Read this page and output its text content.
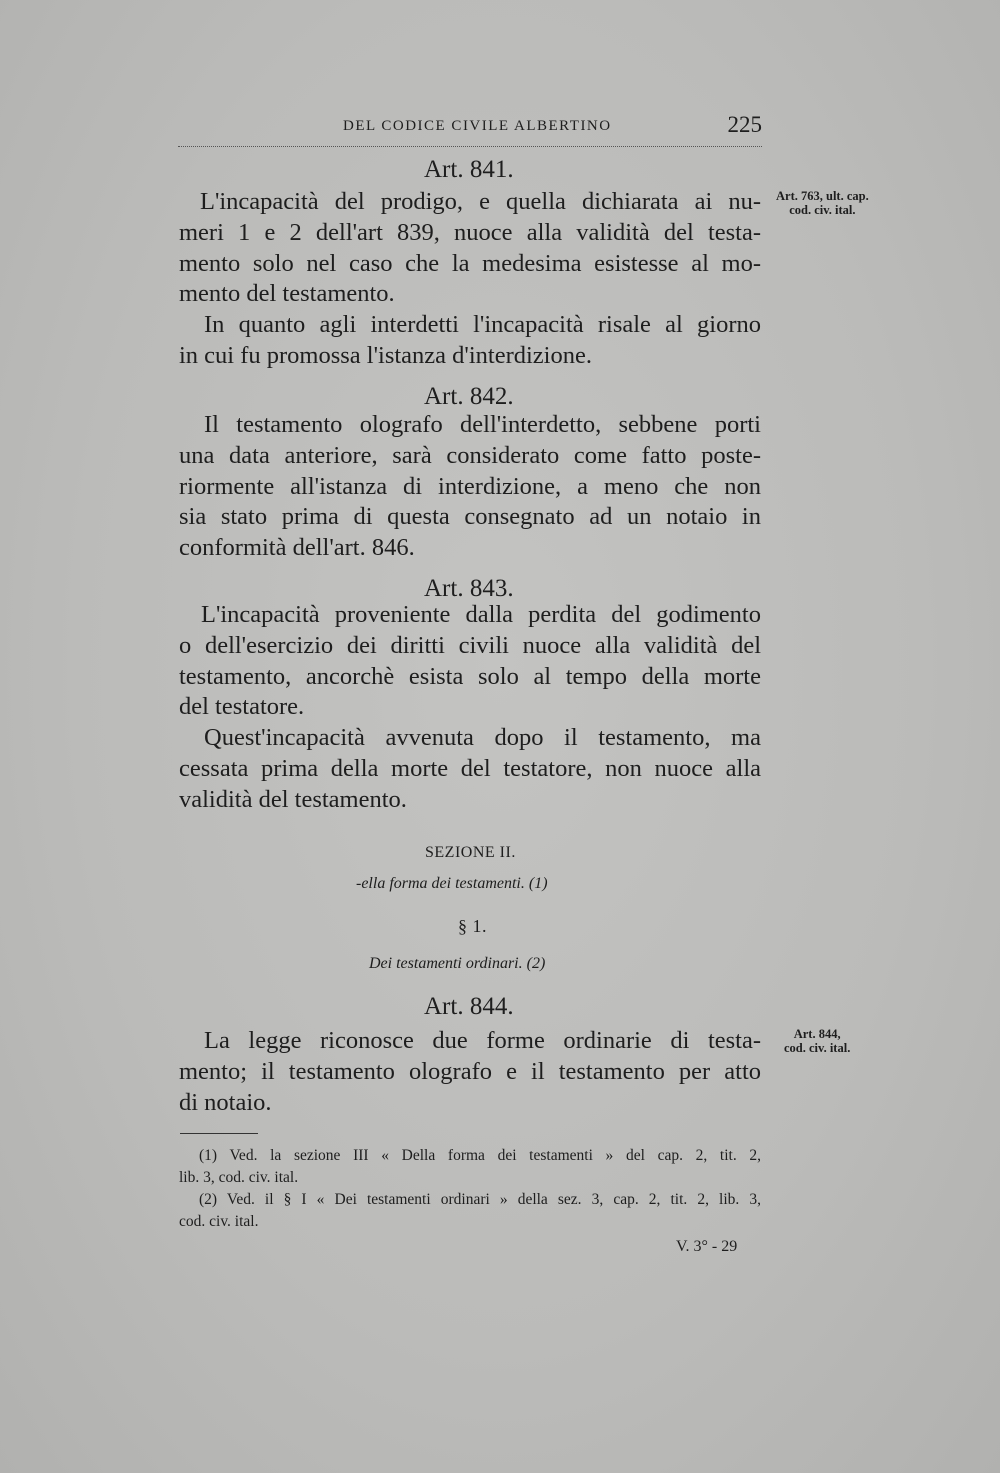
DEL CODICE CIVILE ALBERTINO	225
Art. 841.
Art. 763, ult. cap.
cod. civ. ital.
L'incapacità del prodigo, e quella dichiarata ai nu-
meri 1 e 2 dell'art 839, nuoce alla validità del testa-
mento solo nel caso che la medesima esistesse al mo-
mento del testamento.
In quanto agli interdetti l'incapacità risale al giorno
in cui fu promossa l'istanza d'interdizione.
Art. 842.
Il testamento olografo dell'interdetto, sebbene porti
una data anteriore, sarà considerato come fatto poste-
riormente all'istanza di interdizione, a meno che non
sia stato prima di questa consegnato ad un notaio in
conformità dell'art. 846.
Art. 843.
L'incapacità proveniente dalla perdita del godimento
o dell'esercizio dei diritti civili nuoce alla validità del
testamento, ancorchè esista solo al tempo della morte
del testatore.
Quest'incapacità avvenuta dopo il testamento, ma
cessata prima della morte del testatore, non nuoce alla
validità del testamento.
SEZIONE II.
-ella forma dei testamenti. (1)
§ 1.
Dei testamenti ordinari. (2)
Art. 844.
Art. 844,
cod. civ. ital.
La legge riconosce due forme ordinarie di testa-
mento; il testamento olografo e il testamento per atto
di notaio.
(1) Ved. la sezione III « Della forma dei testamenti » del cap. 2, tit. 2,
lib. 3, cod. civ. ital.
(2) Ved. il § I « Dei testamenti ordinari » della sez. 3, cap. 2, tit. 2, lib. 3,
cod. civ. ital.
V. 3° - 29
